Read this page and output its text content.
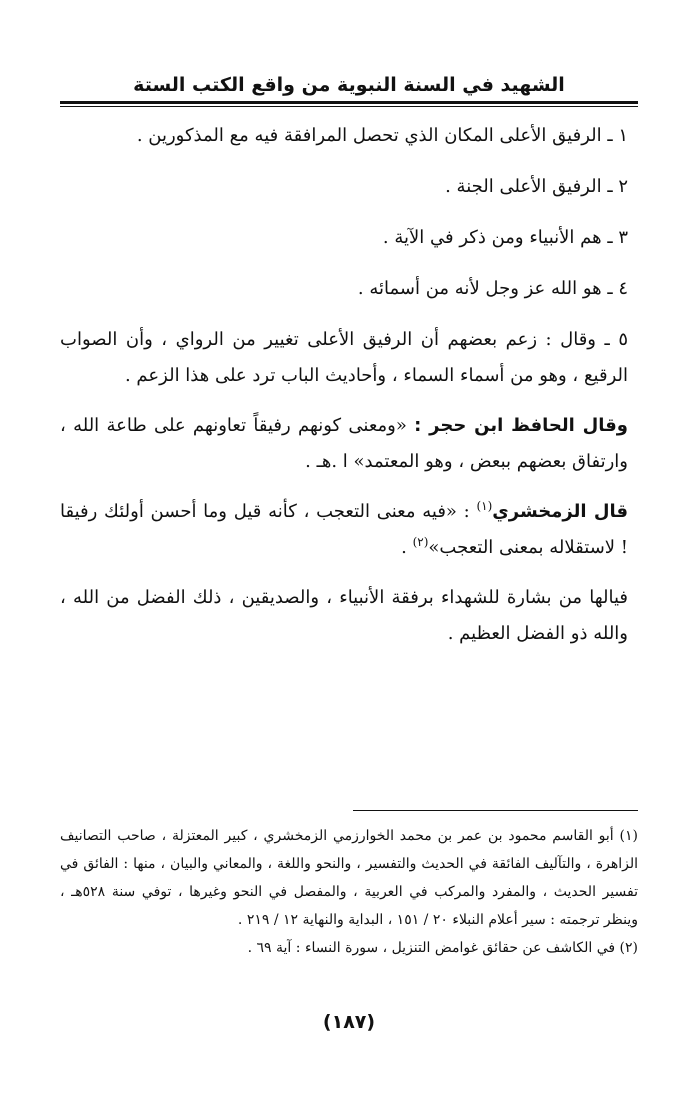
الشهيد في السنة النبوية من واقع الكتب الستة
١ ـ الرفيق الأعلى المكان الذي تحصل المرافقة فيه مع المذكورين .
٢ ـ الرفيق الأعلى الجنة .
٣ ـ هم الأنبياء ومن ذكر في الآية .
٤ ـ هو الله عز وجل لأنه من أسمائه .

٥ ـ وقال : زعم بعضهم أن الرفيق الأعلى تغيير من الرواي ، وأن الصواب الرقيع ، وهو من أسماء السماء ، وأحاديث الباب ترد على هذا الزعم .

وقال الحافظ ابن حجر : «ومعنى كونهم رفيقاً تعاونهم على طاعة الله ، وارتفاق بعضهم ببعض ، وهو المعتمد» ا .هـ .

قال الزمخشري$^{(١)}$ : «فيه معنى التعجب ، كأنه قيل وما أحسن أولئك رفيقا ! لاستقلاله بمعنى التعجب»$^{(٢)}$ .

فيالها من بشارة للشهداء برفقة الأنبياء ، والصديقين ، ذلك الفضل من الله ، والله ذو الفضل العظيم .

(١) أبو القاسم محمود بن عمر بن محمد الخوارزمي الزمخشري ، كبير المعتزلة ، صاحب التصانيف الزاهرة ، والتآليف الفائقة في الحديث والتفسير ، والنحو واللغة ، والمعاني والبيان ، منها : الفائق في تفسير الحديث ، والمفرد والمركب في العربية ، والمفصل في النحو وغيرها ، توفي سنة ٥٢٨هـ ، وينظر ترجمته : سير أعلام النبلاء ٢٠ / ١٥١ ، البداية والنهاية ١٢ / ٢١٩ .

(٢) في الكاشف عن حقائق غوامض التنزيل ، سورة النساء : آية ٦٩ .

(١٨٧)
